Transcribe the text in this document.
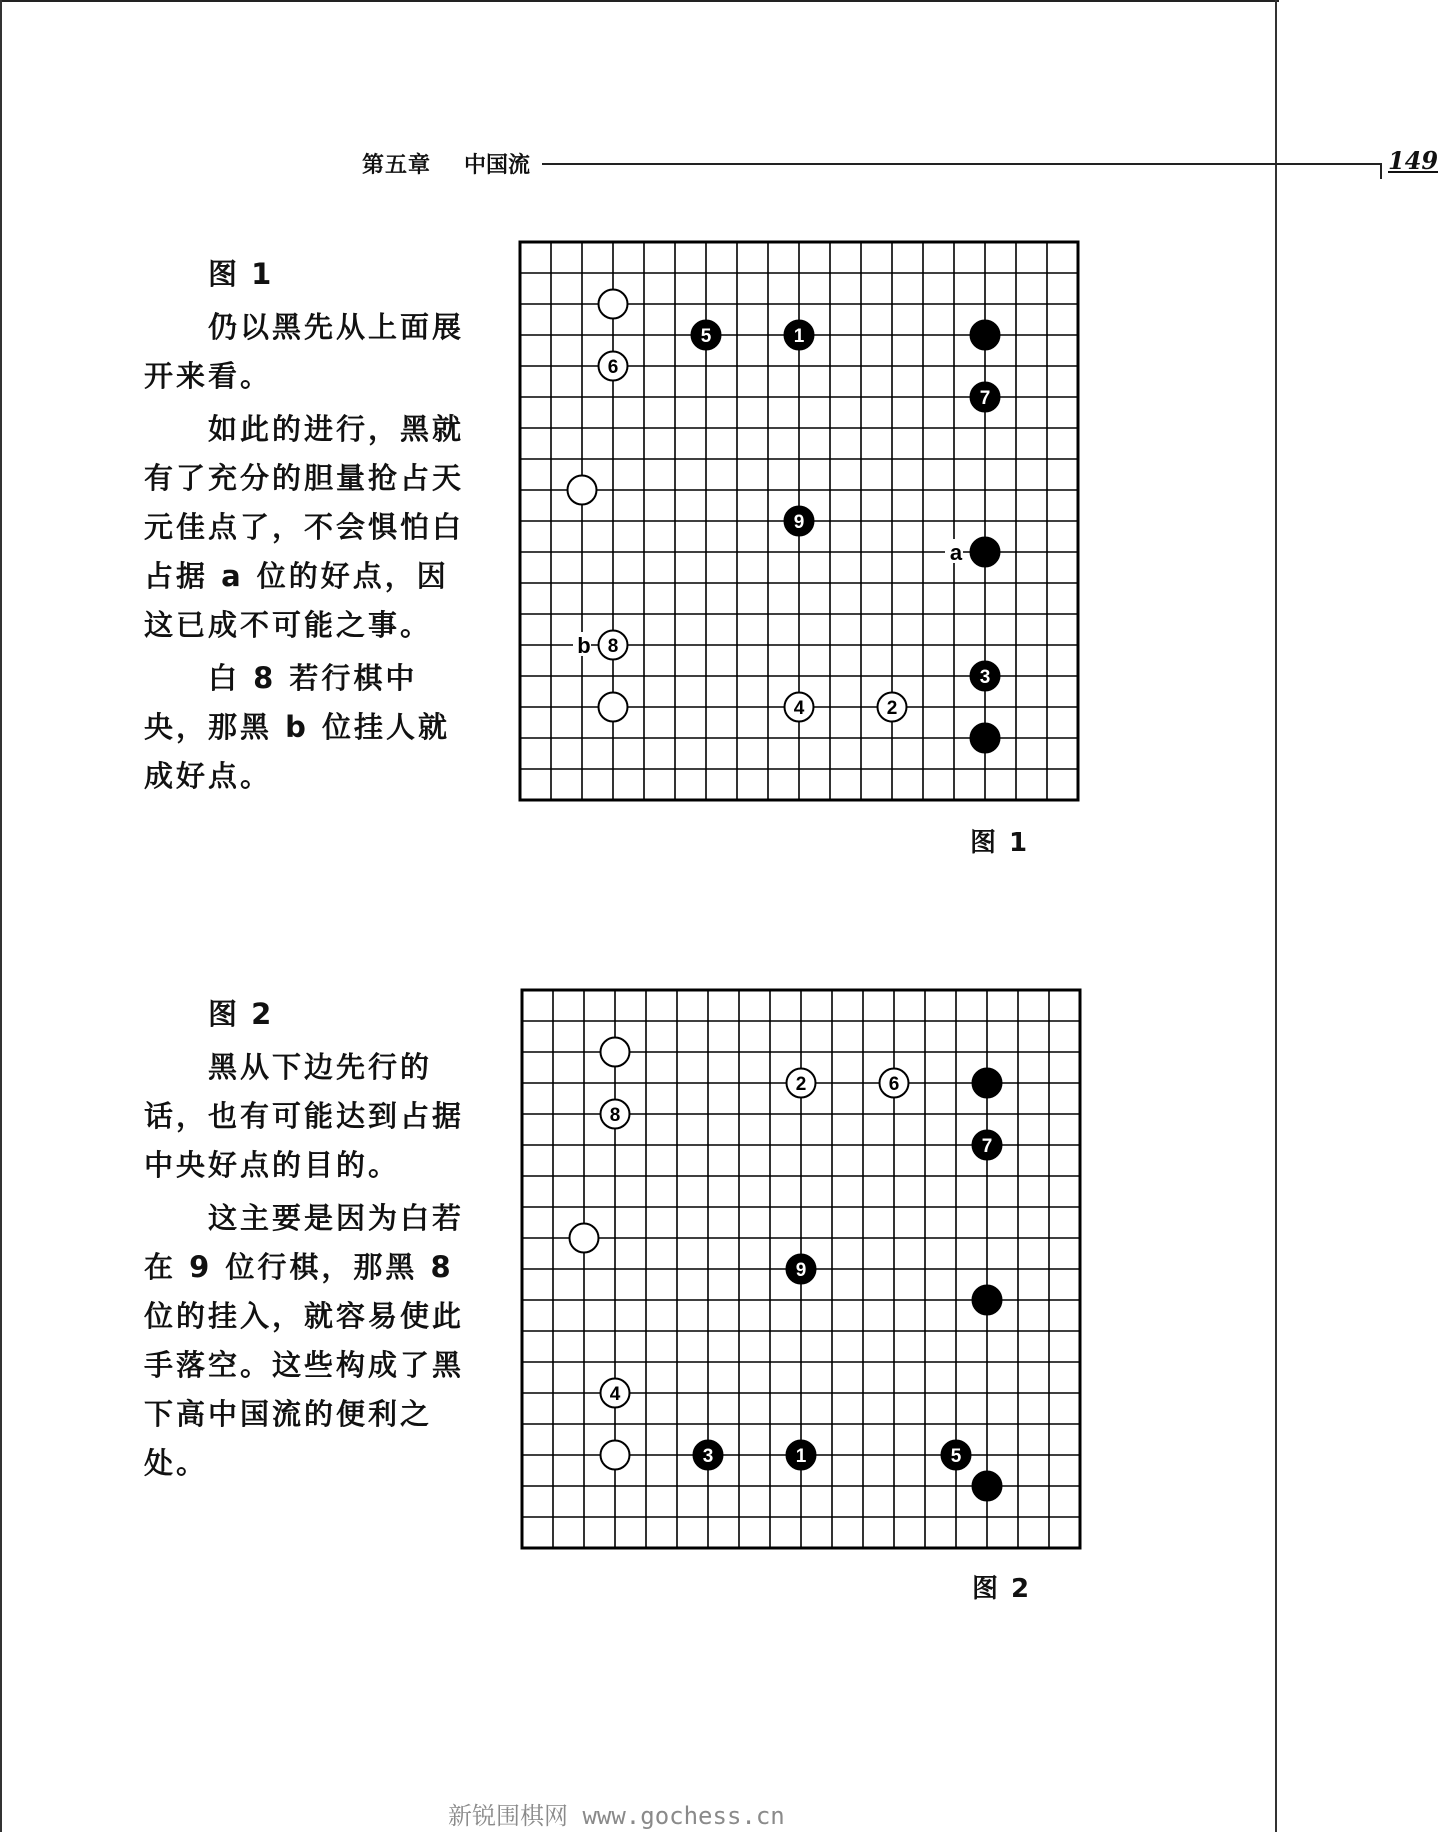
第五章 中国流	149
图 1

仍以黑先从上面展开来看。

如此的进行，黑就有了充分的胆量抢占天元佳点了，不会惧怕白占据 a 位的好点，因这已成不可能之事。

白 8 若行棋中央，那黑 b 位挂人就成好点。

5	1
6
7
9
8
3
4	2
a
b
图 1
图 2

黑从下边先行的话，也有可能达到占据中央好点的目的。

这主要是因为白若在 9 位行棋，那黑 8 位的挂入，就容易使此手落空。这些构成了黑下高中国流的便利之处。

2	6
8
7
9
4
3	1	5
图 2
新锐围棋网 www.gochess.cn
